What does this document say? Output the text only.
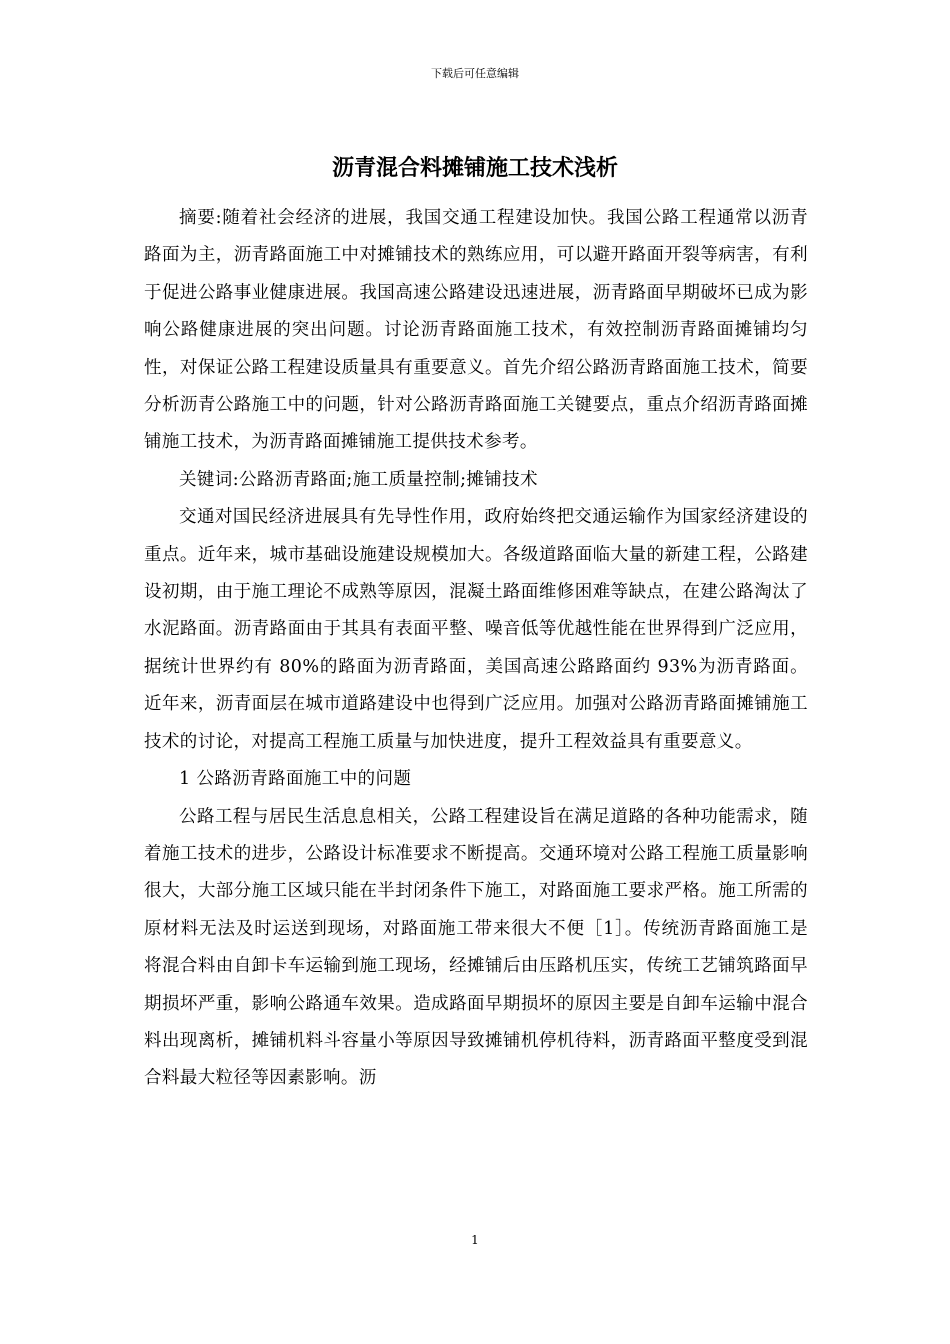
下载后可任意编辑
沥青混合料摊铺施工技术浅析

摘要:随着社会经济的进展，我国交通工程建设加快。我国公路工程通常以沥青路面为主，沥青路面施工中对摊铺技术的熟练应用，可以避开路面开裂等病害，有利于促进公路事业健康进展。我国高速公路建设迅速进展，沥青路面早期破坏已成为影响公路健康进展的突出问题。讨论沥青路面施工技术，有效控制沥青路面摊铺均匀性，对保证公路工程建设质量具有重要意义。首先介绍公路沥青路面施工技术，简要分析沥青公路施工中的问题，针对公路沥青路面施工关键要点，重点介绍沥青路面摊铺施工技术，为沥青路面摊铺施工提供技术参考。

关键词:公路沥青路面;施工质量控制;摊铺技术

交通对国民经济进展具有先导性作用，政府始终把交通运输作为国家经济建设的重点。近年来，城市基础设施建设规模加大。各级道路面临大量的新建工程，公路建设初期，由于施工理论不成熟等原因，混凝土路面维修困难等缺点，在建公路淘汰了水泥路面。沥青路面由于其具有表面平整、噪音低等优越性能在世界得到广泛应用，据统计世界约有 80%的路面为沥青路面，美国高速公路路面约 93%为沥青路面。近年来，沥青面层在城市道路建设中也得到广泛应用。加强对公路沥青路面摊铺施工技术的讨论，对提高工程施工质量与加快进度，提升工程效益具有重要意义。

1 公路沥青路面施工中的问题

公路工程与居民生活息息相关，公路工程建设旨在满足道路的各种功能需求，随着施工技术的进步，公路设计标准要求不断提高。交通环境对公路工程施工质量影响很大，大部分施工区域只能在半封闭条件下施工，对路面施工要求严格。施工所需的原材料无法及时运送到现场，对路面施工带来很大不便［1］。传统沥青路面施工是将混合料由自卸卡车运输到施工现场，经摊铺后由压路机压实，传统工艺铺筑路面早期损坏严重，影响公路通车效果。造成路面早期损坏的原因主要是自卸车运输中混合料出现离析，摊铺机料斗容量小等原因导致摊铺机停机待料，沥青路面平整度受到混合料最大粒径等因素影响。沥

1
